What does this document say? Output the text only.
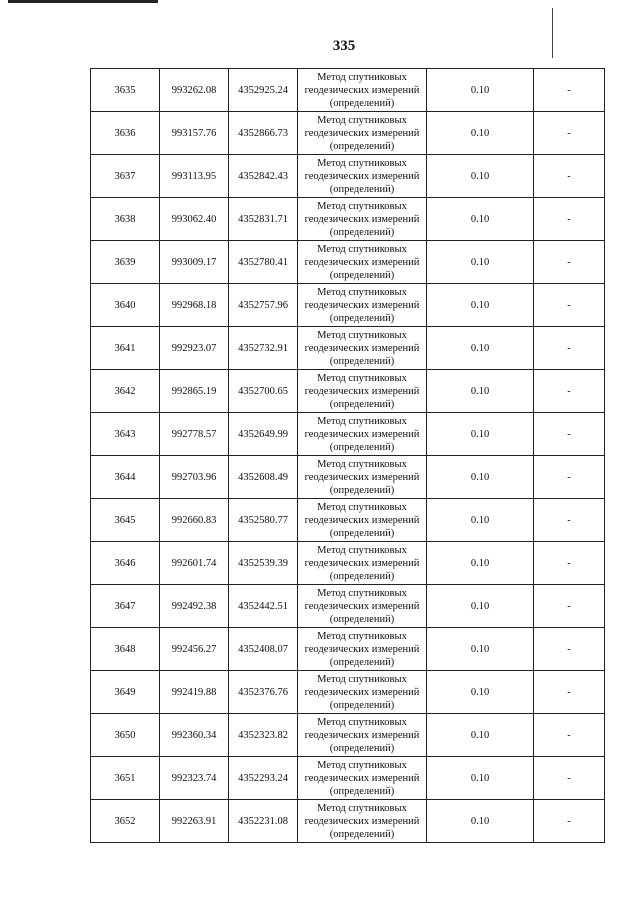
335
3635	993262.08	4352925.24	Метод спутниковых
геодезических измерений
(определений)	0.10	-
3636	993157.76	4352866.73	Метод спутниковых
геодезических измерений
(определений)	0.10	-
3637	993113.95	4352842.43	Метод спутниковых
геодезических измерений
(определений)	0.10	-
3638	993062.40	4352831.71	Метод спутниковых
геодезических измерений
(определений)	0.10	-
3639	993009.17	4352780.41	Метод спутниковых
геодезических измерений
(определений)	0.10	-
3640	992968.18	4352757.96	Метод спутниковых
геодезических измерений
(определений)	0.10	-
3641	992923.07	4352732.91	Метод спутниковых
геодезических измерений
(определений)	0.10	-
3642	992865.19	4352700.65	Метод спутниковых
геодезических измерений
(определений)	0.10	-
3643	992778.57	4352649.99	Метод спутниковых
геодезических измерений
(определений)	0.10	-
3644	992703.96	4352608.49	Метод спутниковых
геодезических измерений
(определений)	0.10	-
3645	992660.83	4352580.77	Метод спутниковых
геодезических измерений
(определений)	0.10	-
3646	992601.74	4352539.39	Метод спутниковых
геодезических измерений
(определений)	0.10	-
3647	992492.38	4352442.51	Метод спутниковых
геодезических измерений
(определений)	0.10	-
3648	992456.27	4352408.07	Метод спутниковых
геодезических измерений
(определений)	0.10	-
3649	992419.88	4352376.76	Метод спутниковых
геодезических измерений
(определений)	0.10	-
3650	992360.34	4352323.82	Метод спутниковых
геодезических измерений
(определений)	0.10	-
3651	992323.74	4352293.24	Метод спутниковых
геодезических измерений
(определений)	0.10	-
3652	992263.91	4352231.08	Метод спутниковых
геодезических измерений
(определений)	0.10	-
